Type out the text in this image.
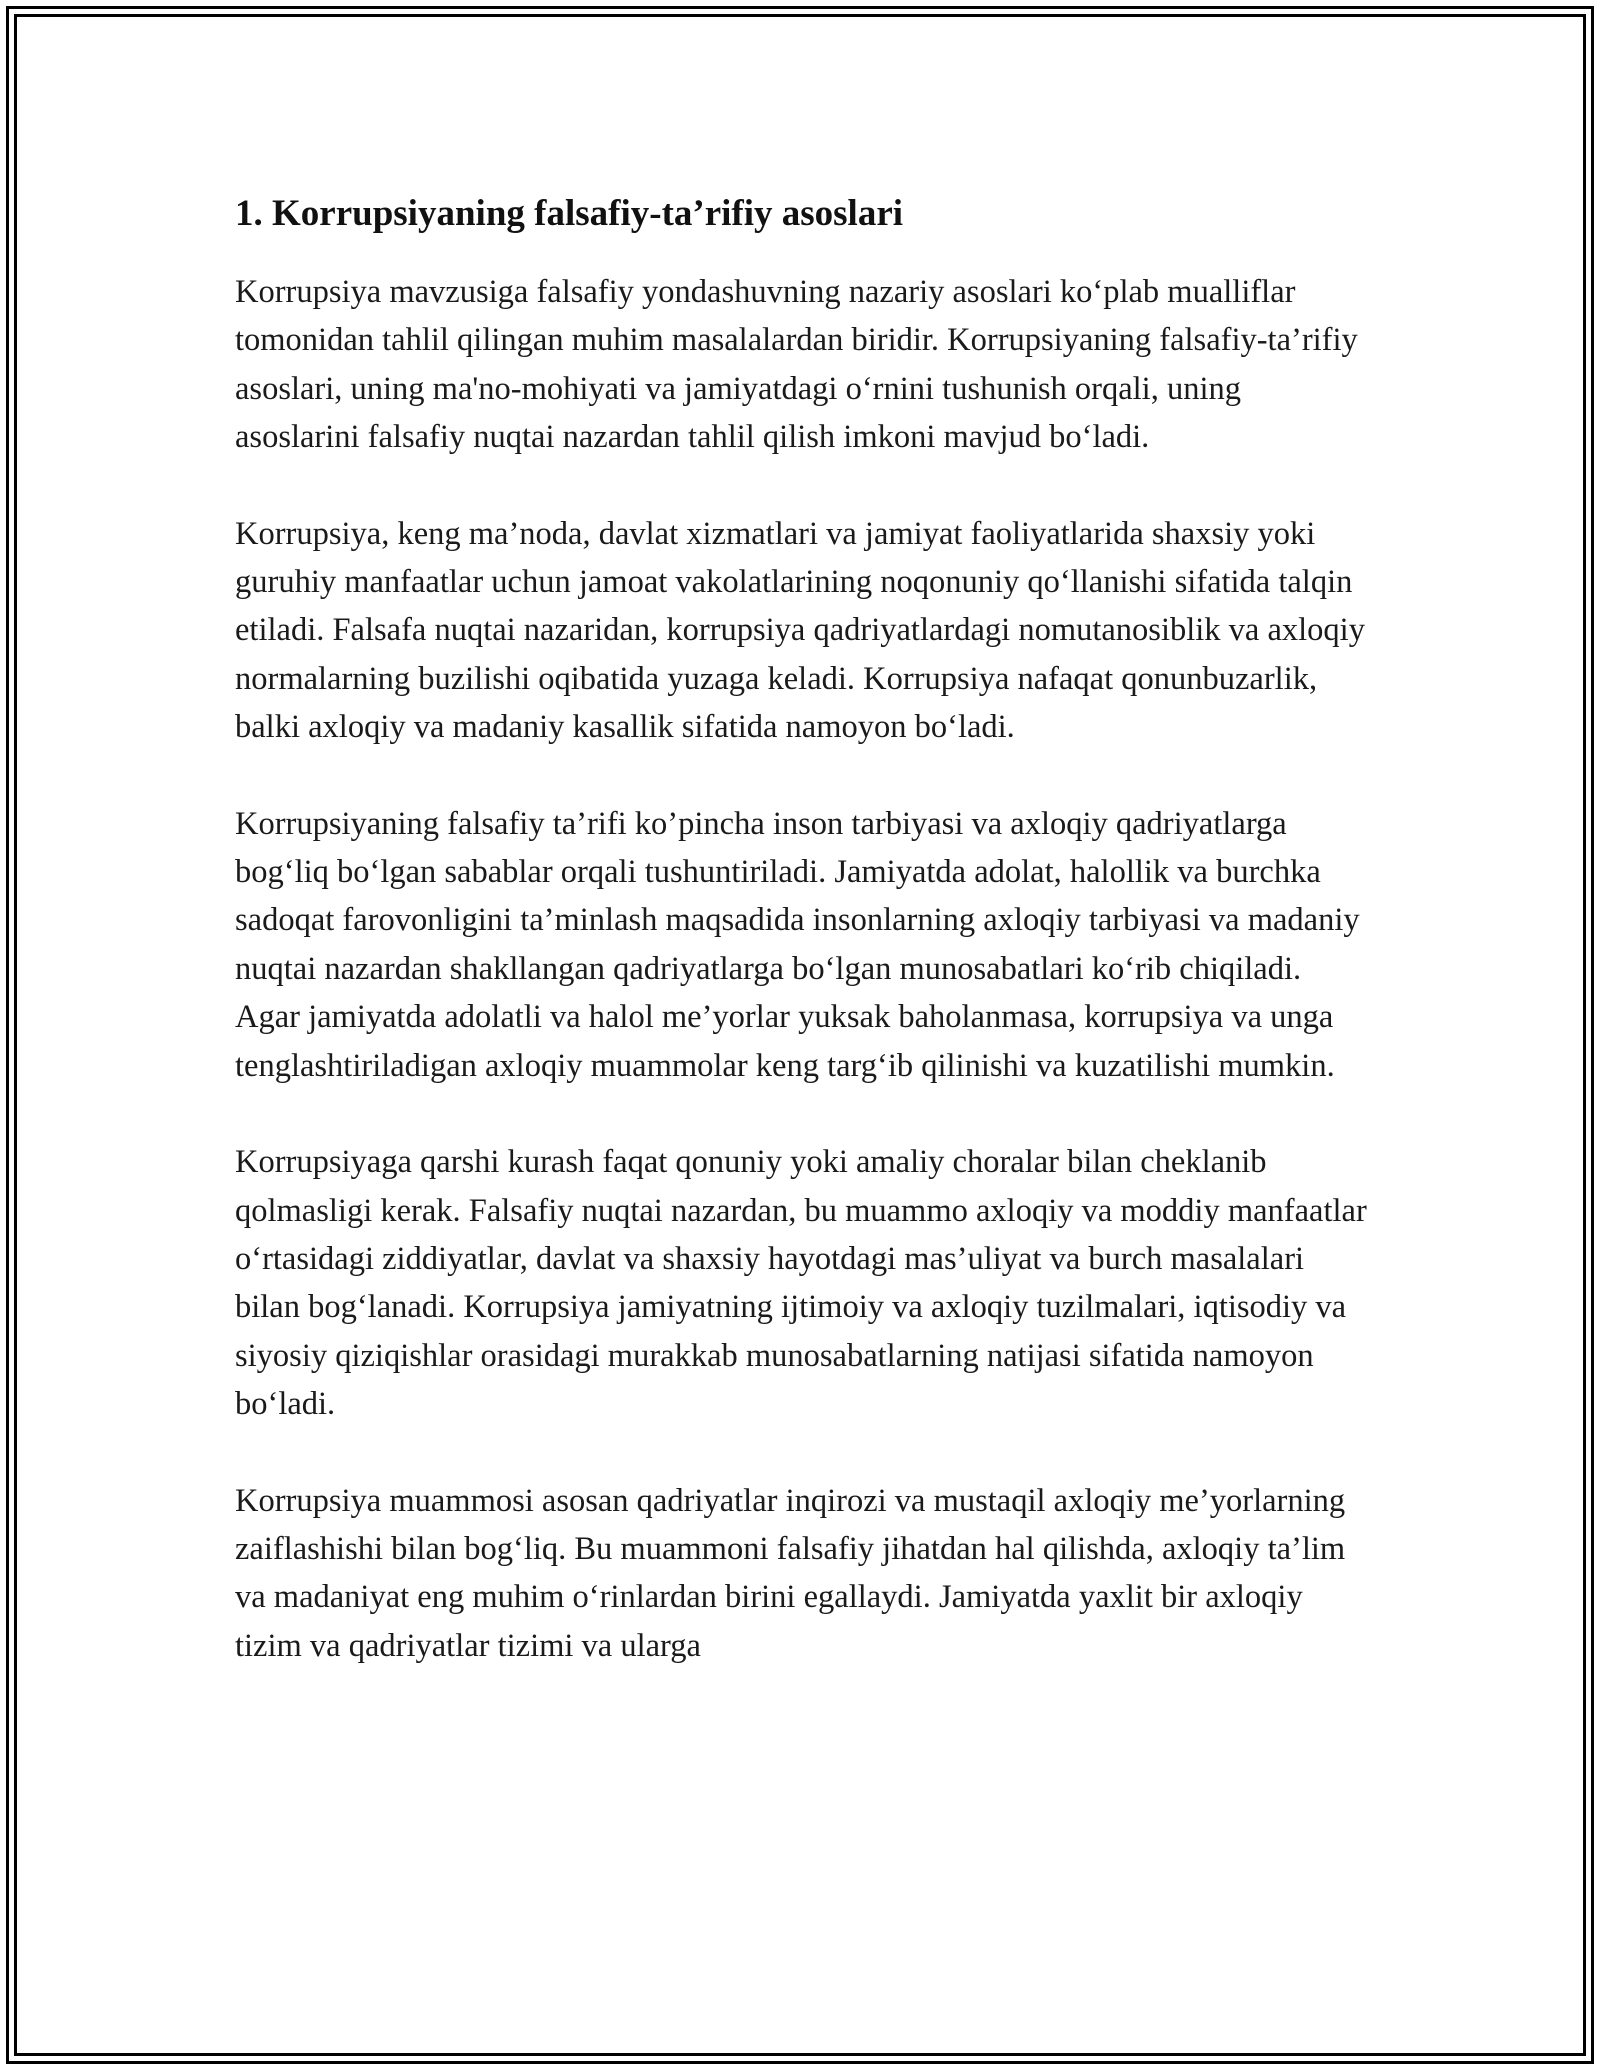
1. Korrupsiyaning falsafiy-ta’rifiy asoslari

Korrupsiya mavzusiga falsafiy yondashuvning nazariy asoslari ko‘plab mualliflar tomonidan tahlil qilingan muhim masalalardan biridir. Korrupsiyaning falsafiy-ta’rifiy asoslari, uning ma'no-mohiyati va jamiyatdagi o‘rnini tushunish orqali, uning asoslarini falsafiy nuqtai nazardan tahlil qilish imkoni mavjud bo‘ladi.

Korrupsiya, keng ma’noda, davlat xizmatlari va jamiyat faoliyatlarida shaxsiy yoki guruhiy manfaatlar uchun jamoat vakolatlarining noqonuniy qo‘llanishi sifatida talqin etiladi. Falsafa nuqtai nazaridan, korrupsiya qadriyatlardagi nomutanosiblik va axloqiy normalarning buzilishi oqibatida yuzaga keladi. Korrupsiya nafaqat qonunbuzarlik, balki axloqiy va madaniy kasallik sifatida namoyon bo‘ladi.

Korrupsiyaning falsafiy ta’rifi ko’pincha inson tarbiyasi va axloqiy qadriyatlarga bog‘liq bo‘lgan sabablar orqali tushuntiriladi. Jamiyatda adolat, halollik va burchka sadoqat farovonligini ta’minlash maqsadida insonlarning axloqiy tarbiyasi va madaniy nuqtai nazardan shakllangan qadriyatlarga bo‘lgan munosabatlari ko‘rib chiqiladi. Agar jamiyatda adolatli va halol me’yorlar yuksak baholanmasa, korrupsiya va unga tenglashtiriladigan axloqiy muammolar keng targ‘ib qilinishi va kuzatilishi mumkin.

Korrupsiyaga qarshi kurash faqat qonuniy yoki amaliy choralar bilan cheklanib qolmasligi kerak. Falsafiy nuqtai nazardan, bu muammo axloqiy va moddiy manfaatlar o‘rtasidagi ziddiyatlar, davlat va shaxsiy hayotdagi mas’uliyat va burch masalalari bilan bog‘lanadi. Korrupsiya jamiyatning ijtimoiy va axloqiy tuzilmalari, iqtisodiy va siyosiy qiziqishlar orasidagi murakkab munosabatlarning natijasi sifatida namoyon bo‘ladi.

Korrupsiya muammosi asosan qadriyatlar inqirozi va mustaqil axloqiy me’yorlarning zaiflashishi bilan bog‘liq. Bu muammoni falsafiy jihatdan hal qilishda, axloqiy ta’lim va madaniyat eng muhim o‘rinlardan birini egallaydi. Jamiyatda yaxlit bir axloqiy tizim va qadriyatlar tizimi va ularga
